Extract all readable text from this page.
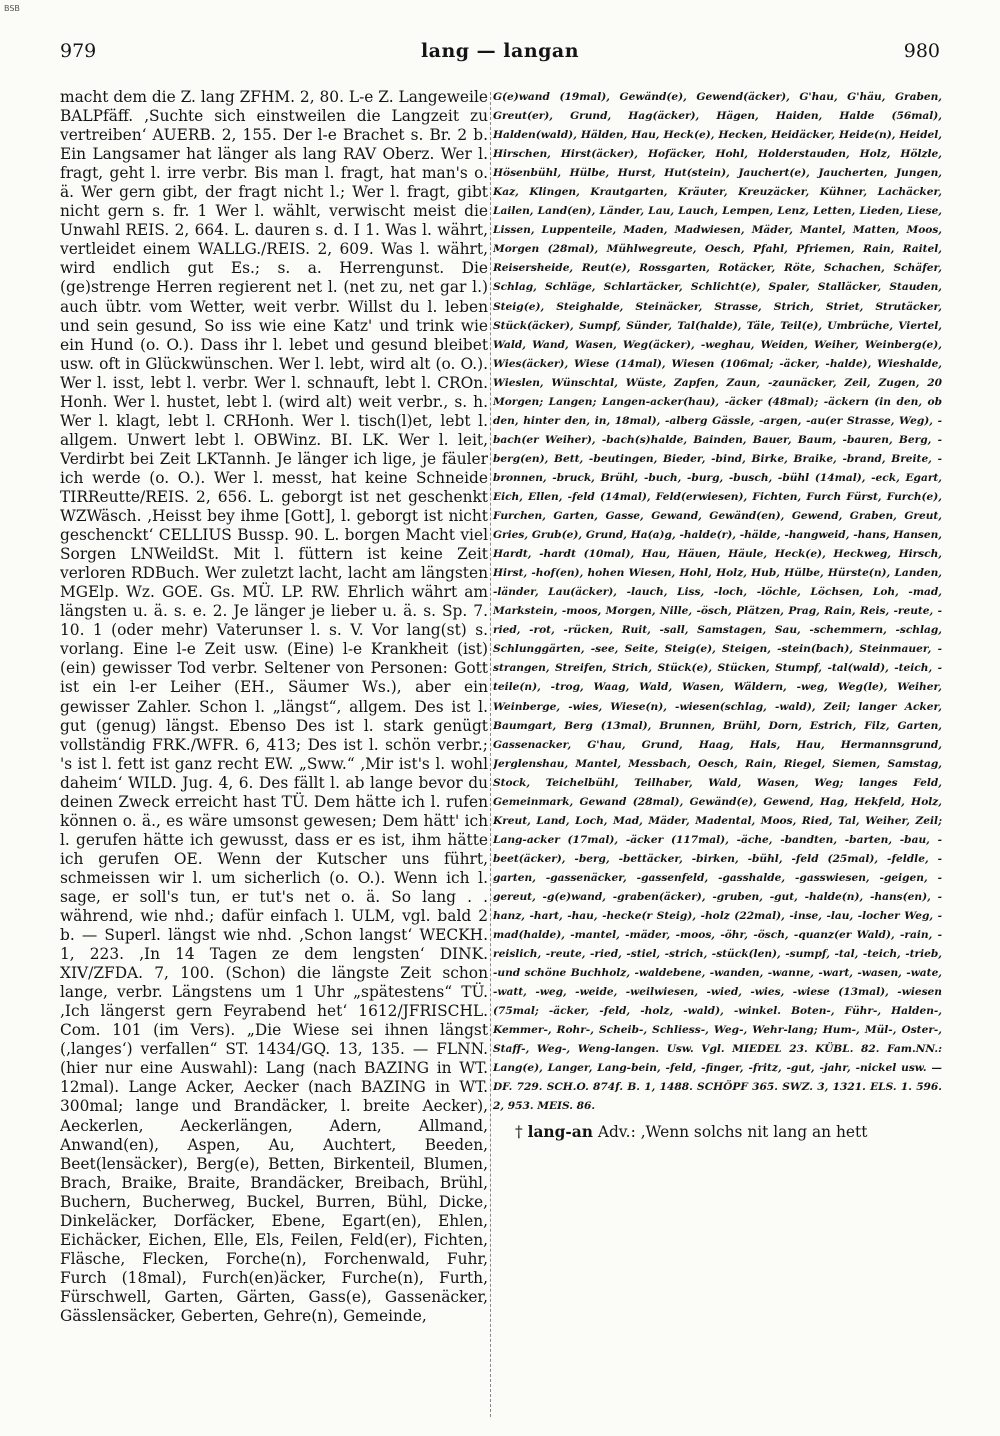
BSB
979	lang — langan	980

macht dem die Z. lang ZFHM. 2, 80. L-e Z. Langeweile BALPfäff. ‚Suchte sich einstweilen die Langzeit zu vertreiben‘ AUERB. 2, 155. Der l-e Brachet s. Br. 2 b. Ein Langsamer hat länger als lang RAV Oberz. Wer l. fragt, geht l. irre verbr. Bis man l. fragt, hat man's o. ä. Wer gern gibt, der fragt nicht l.; Wer l. fragt, gibt nicht gern s. fr. 1 Wer l. wählt, verwischt meist die Unwahl REIS. 2, 664. L. dauren s. d. I 1. Was l. währt, vertleidet einem WALLG./REIS. 2, 609. Was l. währt, wird endlich gut Es.; s. a. Herrengunst. Die (ge)strenge Herren regierent net l. (net zu, net gar l.) auch übtr. vom Wetter, weit verbr. Willst du l. leben und sein gesund, So iss wie eine Katz' und trink wie ein Hund (o. O.). Dass ihr l. lebet und gesund bleibet usw. oft in Glückwünschen. Wer l. lebt, wird alt (o. O.). Wer l. isst, lebt l. verbr. Wer l. schnauft, lebt l. CROn. Honh. Wer l. hustet, lebt l. (wird alt) weit verbr., s. h. Wer l. klagt, lebt l. CRHonh. Wer l. tisch(l)et, lebt l. allgem. Unwert lebt l. OBWinz. BI. LK. Wer l. leit, Verdirbt bei Zeit LKTannh. Je länger ich lige, je fäuler ich werde (o. O.). Wer l. messt, hat keine Schneide TIRReutte/REIS. 2, 656. L. geborgt ist net geschenkt WZWäsch. ‚Heisst bey ihme [Gott], l. geborgt ist nicht geschenckt‘ CELLIUS Bussp. 90. L. borgen Macht viel Sorgen LNWeildSt. Mit l. füttern ist keine Zeit verloren RDBuch. Wer zuletzt lacht, lacht am längsten MGElp. Wz. GOE. Gs. MÜ. LP. RW. Ehrlich währt am längsten u. ä. s. e. 2. Je länger je lieber u. ä. s. Sp. 7. 10. 1 (oder mehr) Vaterunser l. s. V. Vor lang(st) s. vorlang. Eine l-e Zeit usw. (Eine) l-e Krankheit (ist) (ein) gewisser Tod verbr. Seltener von Personen: Gott ist ein l-er Leiher (EH., Säumer Ws.), aber ein gewisser Zahler. Schon l. „längst“, allgem. Des ist l. gut (genug) längst. Ebenso Des ist l. stark genügt vollständig FRK./WFR. 6, 413; Des ist l. schön verbr.; 's ist l. fett ist ganz recht EW. „Sww.“ ‚Mir ist's l. wohl daheim‘ WILD. Jug. 4, 6. Des fällt l. ab lange bevor du deinen Zweck erreicht hast TÜ. Dem hätte ich l. rufen können o. ä., es wäre umsonst gewesen; Dem hätt' ich l. gerufen hätte ich gewusst, dass er es ist, ihm hätte ich gerufen OE. Wenn der Kutscher uns führt, schmeissen wir l. um sicherlich (o. O.). Wenn ich l. sage, er soll's tun, er tut's net o. ä. So lang . . während, wie nhd.; dafür einfach l. ULM, vgl. bald 2 b. — Superl. längst wie nhd. ‚Schon langst‘ WECKH. 1, 223. ‚In 14 Tagen ze dem lengsten‘ DINK. XIV/ZFDA. 7, 100. (Schon) die längste Zeit schon lange, verbr. Längstens um 1 Uhr „spätestens“ TÜ. ‚Ich längerst gern Feyrabend het‘ 1612/JFRISCHL. Com. 101 (im Vers). „Die Wiese sei ihnen längst (‚langes‘) verfallen“ ST. 1434/GQ. 13, 135. — FLNN. (hier nur eine Auswahl): Lang (nach BAZING in WT. 12mal). Lange Acker, Aecker (nach BAZING in WT. 300mal; lange und Brandäcker, l. breite Aecker), Aeckerlen, Aeckerlängen, Adern, Allmand, Anwand(en), Aspen, Au, Auchtert, Beeden, Beet(lensäcker), Berg(e), Betten, Birkenteil, Blumen, Brach, Braike, Braite, Brandäcker, Breibach, Brühl, Buchern, Bucherweg, Buckel, Burren, Bühl, Dicke, Dinkeläcker, Dorfäcker, Ebene, Egart(en), Ehlen, Eichäcker, Eichen, Elle, Els, Feilen, Feld(er), Fichten, Fläsche, Flecken, Forche(n), Forchenwald, Fuhr, Furch (18mal), Furch(en)äcker, Furche(n), Furth, Fürschwell, Garten, Gärten, Gass(e), Gassenäcker, Gässlensäcker, Geberten, Gehre(n), Gemeinde,

G(e)wand (19mal), Gewänd(e), Gewend(äcker), G'hau, G'häu, Graben, Greut(er), Grund, Hag(äcker), Hägen, Haiden, Halde (56mal), Halden(wald), Hälden, Hau, Heck(e), Hecken, Heidäcker, Heide(n), Heidel, Hirschen, Hirst(äcker), Hofäcker, Hohl, Holderstauden, Holz, Hölzle, Hösenbühl, Hülbe, Hurst, Hut(stein), Jauchert(e), Jaucherten, Jungen, Kaz, Klingen, Krautgarten, Kräuter, Kreuzäcker, Kühner, Lachäcker, Lailen, Land(en), Länder, Lau, Lauch, Lempen, Lenz, Letten, Lieden, Liese, Lissen, Luppenteile, Maden, Madwiesen, Mäder, Mantel, Matten, Moos, Morgen (28mal), Mühlwegreute, Oesch, Pfahl, Pfriemen, Rain, Raitel, Reisersheide, Reut(e), Rossgarten, Rotäcker, Röte, Schachen, Schäfer, Schlag, Schläge, Schlartäcker, Schlicht(e), Spaler, Stalläcker, Stauden, Steig(e), Steighalde, Steinäcker, Strasse, Strich, Striet, Strutäcker, Stück(äcker), Sumpf, Sünder, Tal(halde), Täle, Teil(e), Umbrüche, Viertel, Wald, Wand, Wasen, Weg(äcker), -weghau, Weiden, Weiher, Weinberg(e), Wies(äcker), Wiese (14mal), Wiesen (106mal; -äcker, -halde), Wieshalde, Wieslen, Wünschtal, Wüste, Zapfen, Zaun, -zaunäcker, Zeil, Zugen, 20 Morgen; Langen; Langen-acker(hau), -äcker (48mal); -äckern (in den, ob den, hinter den, in, 18mal), -alberg Gässle, -argen, -au(er Strasse, Weg), -bach(er Weiher), -bach(s)halde, Bainden, Bauer, Baum, -bauren, Berg, -berg(en), Bett, -beutingen, Bieder, -bind, Birke, Braike, -brand, Breite, -bronnen, -bruck, Brühl, -buch, -burg, -busch, -bühl (14mal), -eck, Egart, Eich, Ellen, -feld (14mal), Feld(erwiesen), Fichten, Furch Fürst, Furch(e), Furchen, Garten, Gasse, Gewand, Gewänd(en), Gewend, Graben, Greut, Gries, Grub(e), Grund, Ha(a)g, -halde(r), -hälde, -hangweid, -hans, Hansen, Hardt, -hardt (10mal), Hau, Häuen, Häule, Heck(e), Heckweg, Hirsch, Hirst, -hof(en), hohen Wiesen, Hohl, Holz, Hub, Hülbe, Hürste(n), Landen, -länder, Lau(äcker), -lauch, Liss, -loch, -löchle, Löchsen, Loh, -mad, Markstein, -moos, Morgen, Nille, -ösch, Plätzen, Prag, Rain, Reis, -reute, -ried, -rot, -rücken, Ruit, -sall, Samstagen, Sau, -schemmern, -schlag, Schlunggärten, -see, Seite, Steig(e), Steigen, -stein(bach), Steinmauer, -strangen, Streifen, Strich, Stück(e), Stücken, Stumpf, -tal(wald), -teich, -teile(n), -trog, Waag, Wald, Wasen, Wäldern, -weg, Weg(le), Weiher, Weinberge, -wies, Wiese(n), -wiesen(schlag, -wald), Zeil; langer Acker, Baumgart, Berg (13mal), Brunnen, Brühl, Dorn, Estrich, Filz, Garten, Gassenacker, G'hau, Grund, Haag, Hals, Hau, Hermannsgrund, Jerglenshau, Mantel, Messbach, Oesch, Rain, Riegel, Siemen, Samstag, Stock, Teichelbühl, Teilhaber, Wald, Wasen, Weg; langes Feld, Gemeinmark, Gewand (28mal), Gewänd(e), Gewend, Hag, Hekfeld, Holz, Kreut, Land, Loch, Mad, Mäder, Madental, Moos, Ried, Tal, Weiher, Zeil; Lang-acker (17mal), -äcker (117mal), -äche, -bandten, -barten, -bau, -beet(äcker), -berg, -bettäcker, -birken, -bühl, -feld (25mal), -feldle, -garten, -gassenäcker, -gassenfeld, -gasshalde, -gasswiesen, -geigen, -gereut, -g(e)wand, -graben(äcker), -gruben, -gut, -halde(n), -hans(en), -hanz, -hart, -hau, -hecke(r Steig), -holz (22mal), -inse, -lau, -locher Weg, -mad(halde), -mantel, -mäder, -moos, -öhr, -ösch, -quanz(er Wald), -rain, -reislich, -reute, -ried, -stiel, -strich, -stück(len), -sumpf, -tal, -teich, -trieb, -und schöne Buchholz, -waldebene, -wanden, -wanne, -wart, -wasen, -wate, -watt, -weg, -weide, -weilwiesen, -wied, -wies, -wiese (13mal), -wiesen (75mal; -äcker, -feld, -holz, -wald), -winkel. Boten-, Führ-, Halden-, Kemmer-, Rohr-, Scheib-, Schliess-, Weg-, Wehr-lang; Hum-, Mül-, Oster-, Staff-, Weg-, Weng-langen. Usw. Vgl. MIEDEL 23. KÜBL. 82. Fam.NN.: Lang(e), Langer, Lang-bein, -feld, -finger, -fritz, -gut, -jahr, -nickel usw. — DF. 729. SCH.O. 874f. B. 1, 1488. SCHÖPF 365. SWZ. 3, 1321. ELS. 1. 596. 2, 953. MEIS. 86.

† lang-an Adv.: ‚Wenn solchs nit lang an hett
